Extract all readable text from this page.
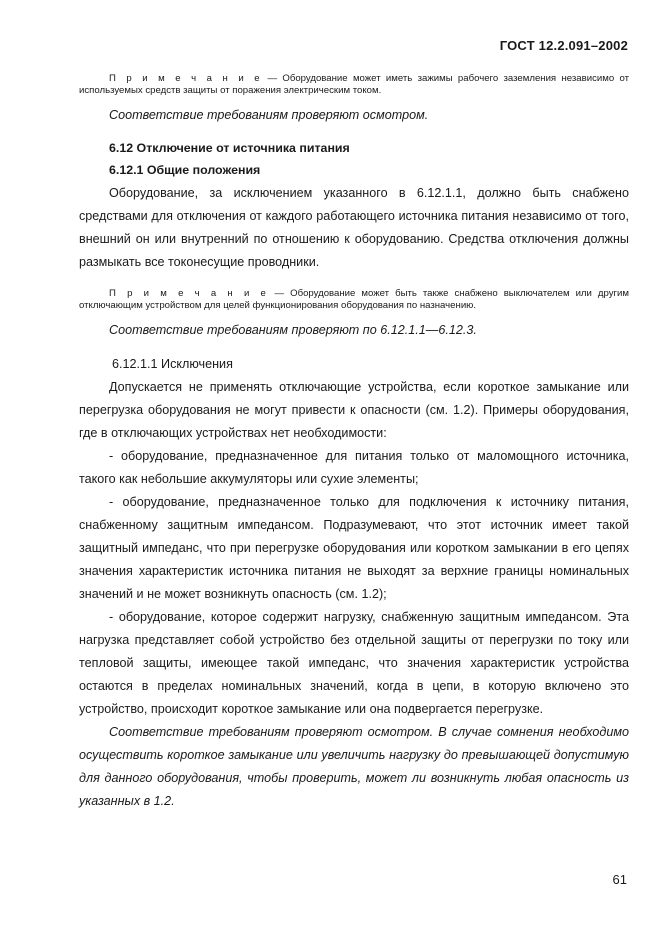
ГОСТ 12.2.091–2002

П р и м е ч а н и е — Оборудование может иметь зажимы рабочего заземления независимо от используемых средств защиты от поражения электрическим током.

Соответствие требованиям проверяют осмотром.

6.12 Отключение от источника питания

6.12.1 Общие положения

Оборудование, за исключением указанного в 6.12.1.1, должно быть снабжено средствами для отключения от каждого работающего источника питания независимо от того, внешний он или внутренний по отношению к оборудованию. Средства отключения должны размыкать все токонесущие проводники.

П р и м е ч а н и е — Оборудование может быть также снабжено выключателем или другим отключающим устройством для целей функционирования оборудования по назначению.

Соответствие требованиям проверяют по 6.12.1.1—6.12.3.

6.12.1.1 Исключения

Допускается не применять отключающие устройства, если короткое замыкание или перегрузка оборудования не могут привести к опасности (см. 1.2). Примеры оборудования, где в отключающих устройствах нет необходимости:

- оборудование, предназначенное для питания только от маломощного источника, такого как небольшие аккумуляторы или сухие элементы;

- оборудование, предназначенное только для подключения к источнику питания, снабженному защитным импедансом. Подразумевают, что этот источник имеет такой защитный импеданс, что при перегрузке оборудования или коротком замыкании в его цепях значения характеристик источника питания не выходят за верхние границы номинальных значений и не может возникнуть опасность (см. 1.2);

- оборудование, которое содержит нагрузку, снабженную защитным импедансом. Эта нагрузка представляет собой устройство без отдельной защиты от перегрузки по току или тепловой защиты, имеющее такой импеданс, что значения характеристик устройства остаются в пределах номинальных значений, когда в цепи, в которую включено это устройство, происходит короткое замыкание или она подвергается перегрузке.

Соответствие требованиям проверяют осмотром. В случае сомнения необходимо осуществить короткое замыкание или увеличить нагрузку до превышающей допустимую для данного оборудования, чтобы проверить, может ли возникнуть любая опасность из указанных в 1.2.

61
